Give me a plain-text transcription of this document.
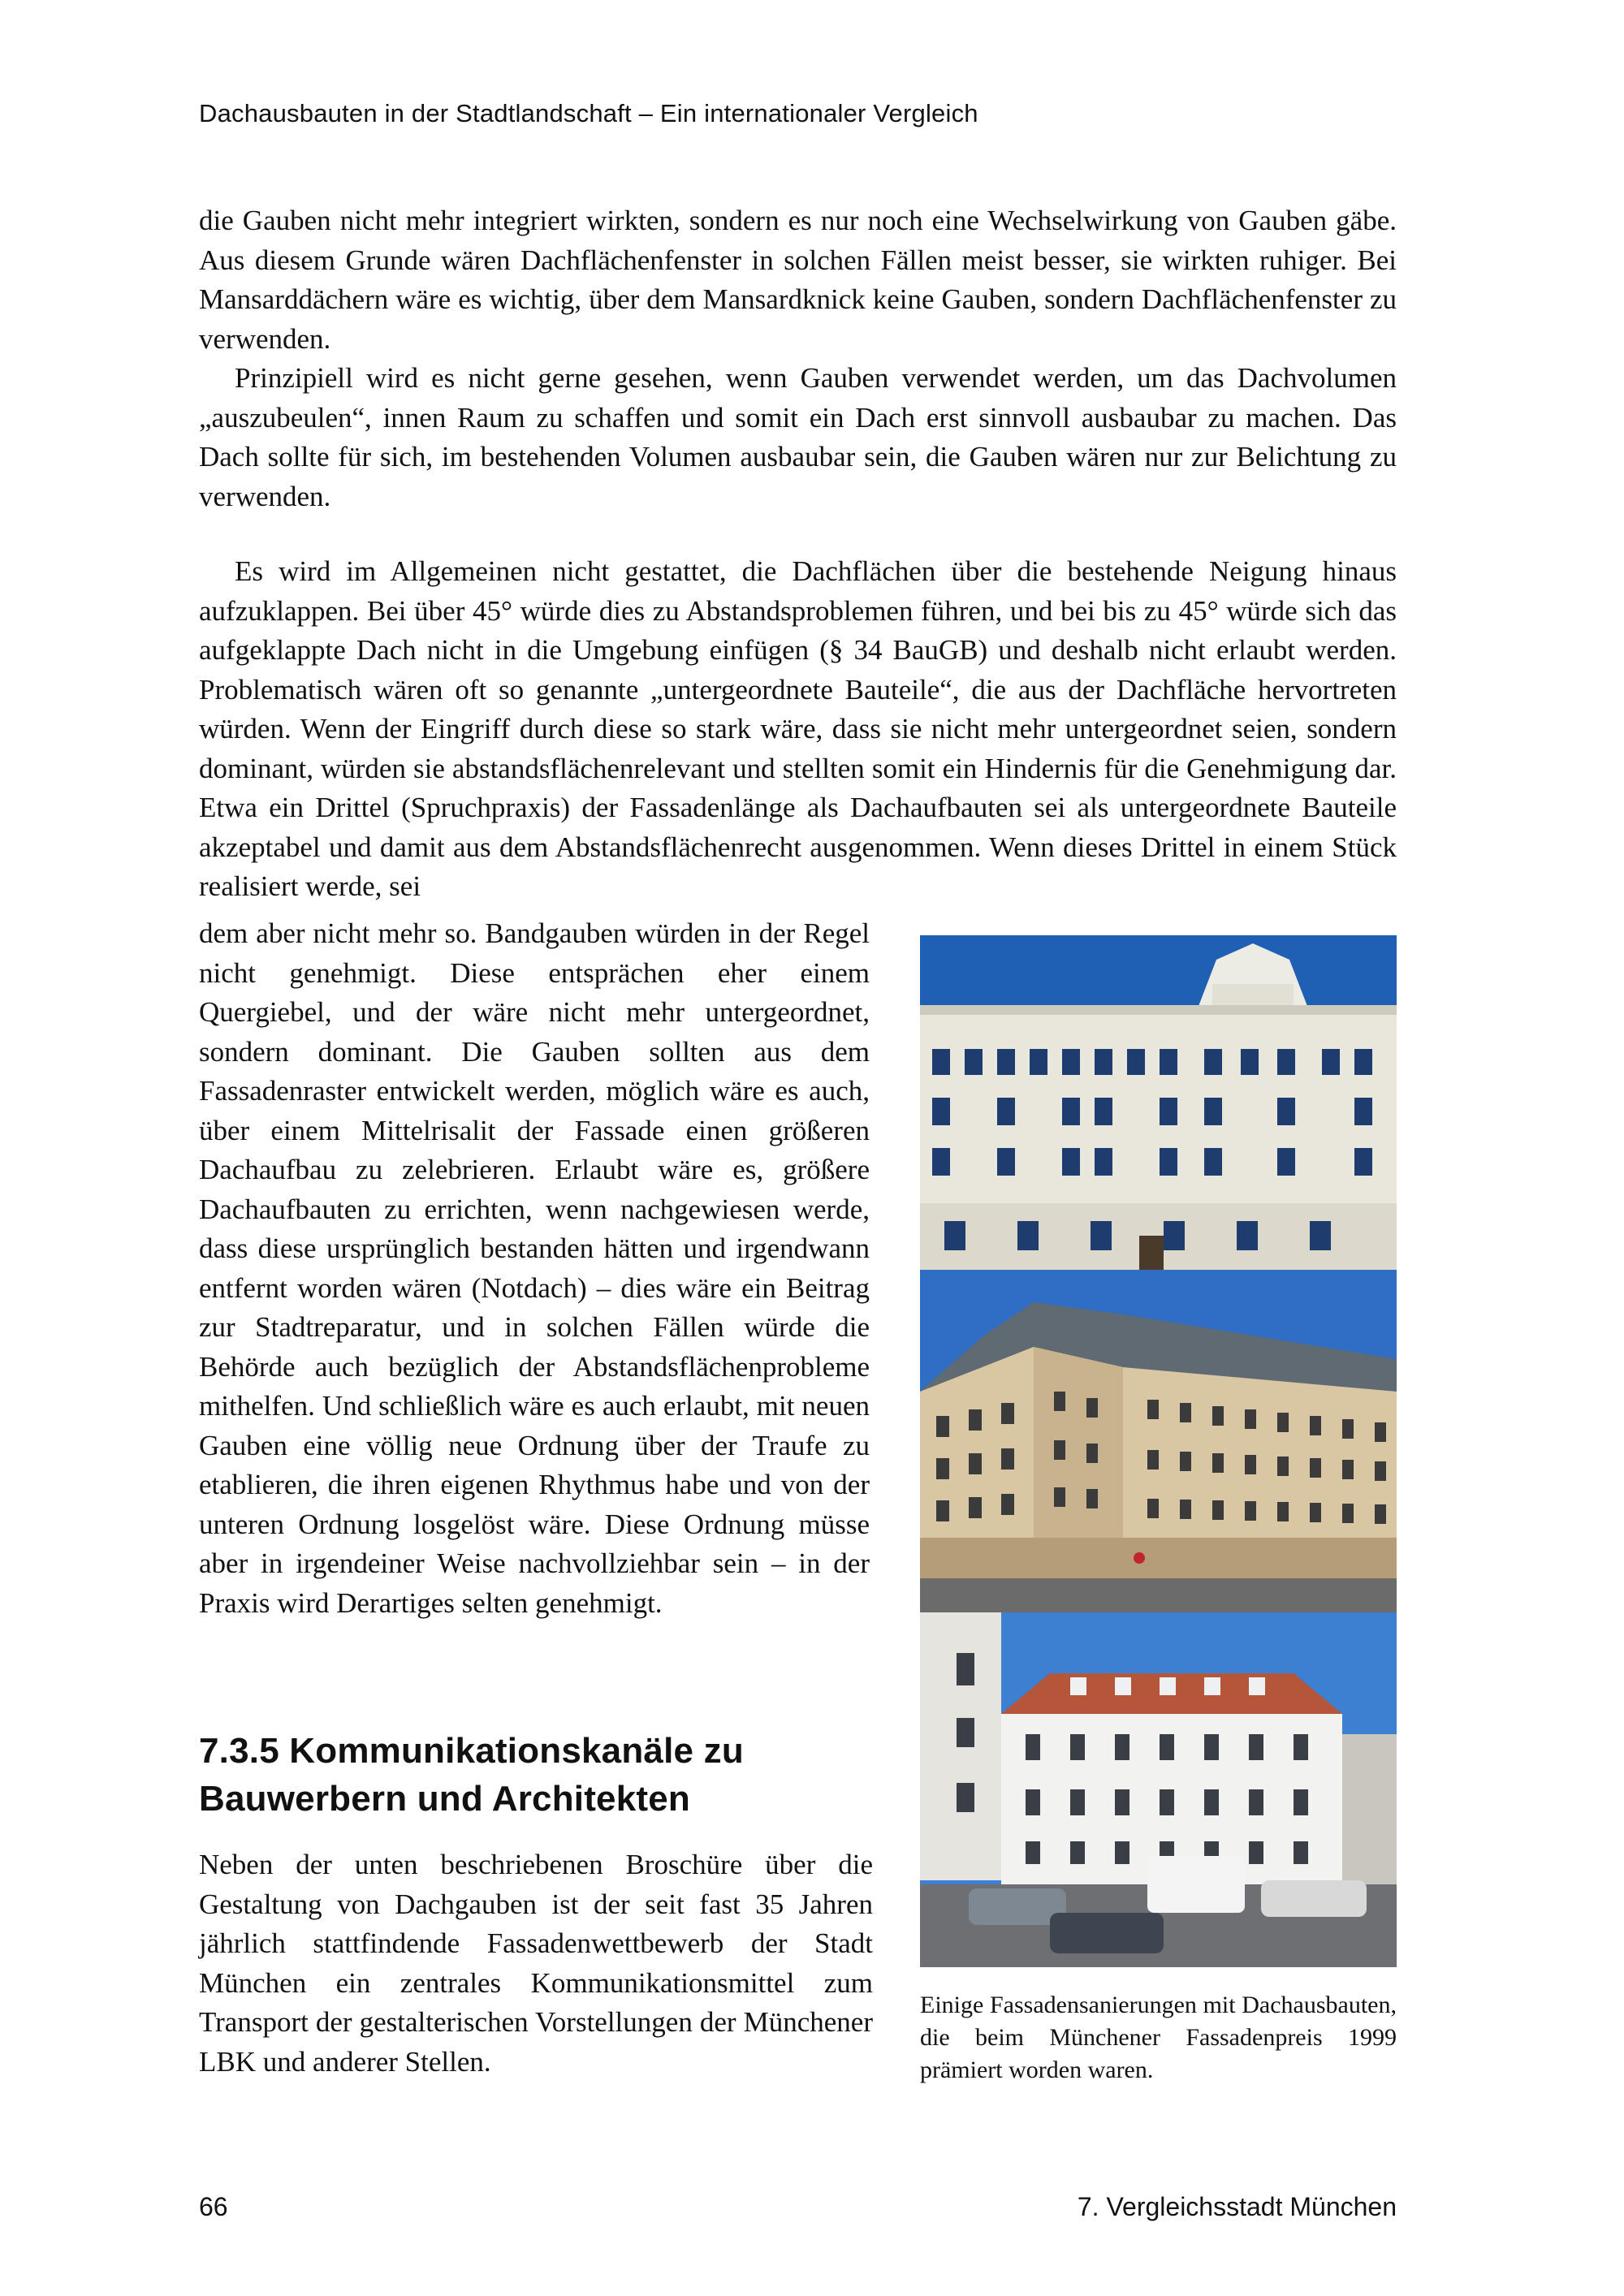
Dachausbauten in der Stadtlandschaft – Ein internationaler Vergleich

die Gauben nicht mehr integriert wirkten, sondern es nur noch eine Wechselwirkung von Gauben gäbe. Aus diesem Grunde wären Dachflächenfenster in solchen Fällen meist besser, sie wirkten ruhiger. Bei Mansarddächern wäre es wichtig, über dem Mansardknick keine Gauben, sondern Dachflächenfenster zu verwenden.

Prinzipiell wird es nicht gerne gesehen, wenn Gauben verwendet werden, um das Dachvolumen „auszubeulen“, innen Raum zu schaffen und somit ein Dach erst sinnvoll ausbaubar zu machen. Das Dach sollte für sich, im bestehenden Volumen ausbaubar sein, die Gauben wären nur zur Belichtung zu verwenden.

Es wird im Allgemeinen nicht gestattet, die Dachflächen über die bestehende Neigung hinaus aufzuklappen. Bei über 45° würde dies zu Abstandsproblemen führen, und bei bis zu 45° würde sich das aufgeklappte Dach nicht in die Umgebung einfügen (§ 34 BauGB) und deshalb nicht erlaubt werden. Problematisch wären oft so genannte „untergeordnete Bauteile“, die aus der Dachfläche hervortreten würden. Wenn der Eingriff durch diese so stark wäre, dass sie nicht mehr untergeordnet seien, sondern dominant, würden sie abstandsflächenrelevant und stellten somit ein Hindernis für die Genehmigung dar. Etwa ein Drittel (Spruchpraxis) der Fassadenlänge als Dachaufbauten sei als untergeordnete Bauteile akzeptabel und damit aus dem Abstandsflächenrecht ausgenommen. Wenn dieses Drittel in einem Stück realisiert werde, sei

dem aber nicht mehr so. Bandgauben würden in der Regel nicht genehmigt. Diese entsprächen eher einem Quergiebel, und der wäre nicht mehr untergeordnet, sondern dominant. Die Gauben sollten aus dem Fassadenraster entwickelt werden, möglich wäre es auch, über einem Mittelrisalit der Fassade einen größeren Dachaufbau zu zelebrieren. Erlaubt wäre es, größere Dachaufbauten zu errichten, wenn nachgewiesen werde, dass diese ursprünglich bestanden hätten und irgendwann entfernt worden wären (Notdach) – dies wäre ein Beitrag zur Stadtreparatur, und in solchen Fällen würde die Behörde auch bezüglich der Abstandsflächenprobleme mithelfen. Und schließlich wäre es auch erlaubt, mit neuen Gauben eine völlig neue Ordnung über der Traufe zu etablieren, die ihren eigenen Rhythmus habe und von der unteren Ordnung losgelöst wäre. Diese Ordnung müsse aber in irgendeiner Weise nachvollziehbar sein – in der Praxis wird Derartiges selten genehmigt.

7.3.5 Kommunikationskanäle zu Bauwerbern und Architekten

Neben der unten beschriebenen Broschüre über die Gestaltung von Dachgauben ist der seit fast 35 Jahren jährlich stattfindende Fassadenwettbewerb der Stadt München ein zentrales Kommunikationsmittel zum Transport der gestalterischen Vorstellungen der Münchener LBK und anderer Stellen.

Einige Fassadensanierungen mit Dachausbauten, die beim Münchener Fassadenpreis 1999 prämiert worden waren.
66	7. Vergleichsstadt München
